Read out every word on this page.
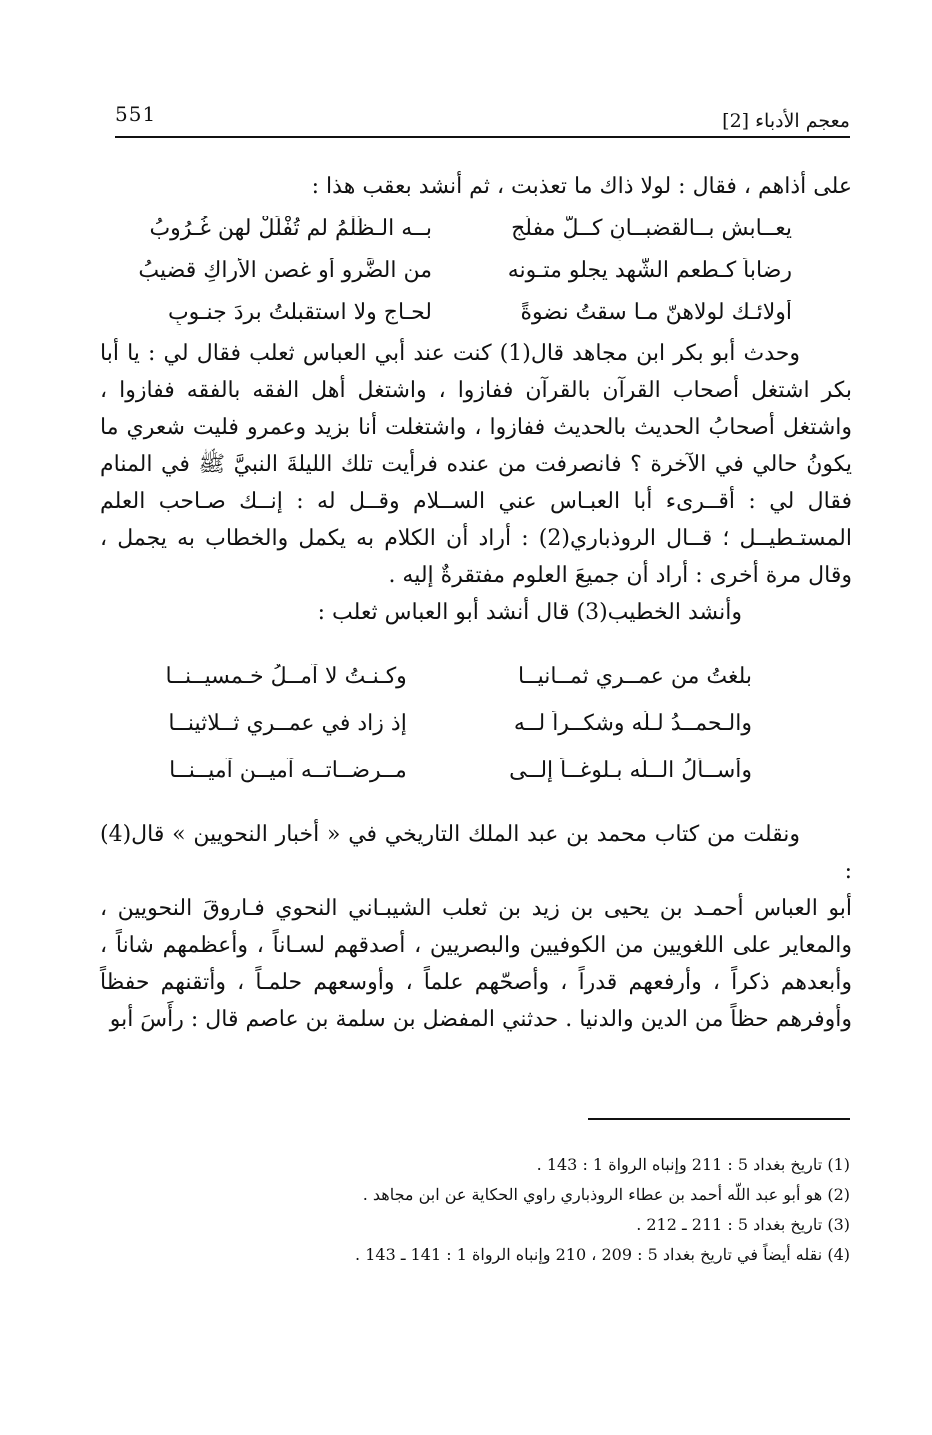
551	معجم الأدباء [2]

على أذاهم ، فقال : لولا ذاك ما تعذبت ، ثم أنشد بعقب هذا :

يعــابش بــالقضبــانِ كــلَّ مفلّجٍ
بــه الـظَّلْمُ لم تُفْلَلْ لهن غُـرُوبُ
رضاباً كـطعم الشّهد يجلو متـونه
من الضَّرو أو غصنِ الأراكِ قضيبُ
أولائـك لولاهنّ مـا سقتُ نضوةً
لحـاجٍ ولا استقبلتُ بردَ جنـوبِ

وحدث أبو بكر ابن مجاهد قال(1) كنت عند أبي العباس ثعلب فقال لي : يا أبا بكر اشتغل أصحاب القرآن بالقرآن ففازوا ، واشتغل أهل الفقه بالفقه ففازوا ، واشتغل أصحابُ الحديث بالحديث ففازوا ، واشتغلت أنا بزيد وعمرو فليت شعري ما يكونُ حالي في الآخرة ؟ فانصرفت من عنده فرأيت تلك الليلةَ النبيَّ ﷺ في المنام فقال لي : أقــرىء أبا العبـاس عني الســلام وقــل له : إنــك صـاحب العلم المستـطيــل ؛ قــال الروذباري(2) : أراد أن الكلام به يكمل والخطاب به يجمل ، وقال مرة أخرى : أراد أن جميعَ العلوم مفتقرةٌ إليه .

وأنشد الخطيب(3) قال أنشد أبو العباس ثعلب :

بلغتُ من عمــري ثمــانيــا
وكـنـتُ لا آمــلُ خـمسيــنــا
والـحمــدُ لـلّه وشكــراً لــه
إذ زاد في عمــري ثــلاثينــا
وأســألُ الــلّه بـلوغــاً إلــى
مــرضــاتــه آميــن آميــنــا

ونقلت من كتاب محمد بن عبد الملك التاريخي في « أخبار النحويين » قال(4) :

أبو العباس أحمـد بن يحيى بن زيد بن ثعلب الشيبـاني النحوي فـاروقَ النحويين ، والمعاير على اللغويين من الكوفيين والبصريين ، أصدقهم لسـاناً ، وأعظمهم شاناً ، وأبعدهم ذكراً ، وأرفعهم قدراً ، وأصحّهم علماً ، وأوسعهم حلمـاً ، وأتقنهم حفظاً وأوفرهم حظاً من الدين والدنيا . حدثني المفضل بن سلمة بن عاصم قال : رأَسَ أبو

(1) تاريخ بغداد 5 : 211 وإنباه الرواة 1 : 143 .

(2) هو أبو عبد اللّه أحمد بن عطاء الروذباري راوي الحكاية عن ابن مجاهد .

(3) تاريخ بغداد 5 : 211 ـ 212 .

(4) نقله أيضاً في تاريخ بغداد 5 : 209 ، 210 وإنباه الرواة 1 : 141 ـ 143 .
